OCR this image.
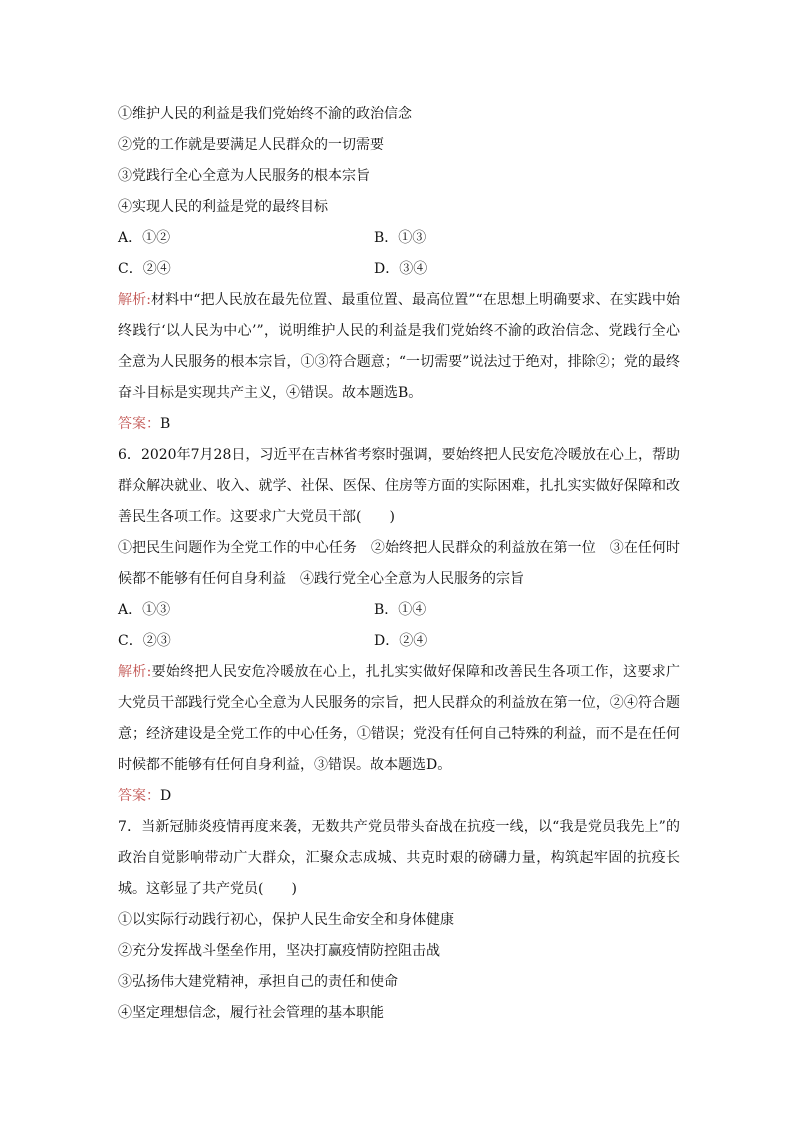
①维护人民的利益是我们党始终不渝的政治信念
②党的工作就是要满足人民群众的一切需要
③党践行全心全意为人民服务的根本宗旨
④实现人民的利益是党的最终目标
A．①②	B．①③
C．②④	D．③④
解析:材料中“把人民放在最先位置、最重位置、最高位置”“在思想上明确要求、在实践中始终践行‘以人民为中心’”，说明维护人民的利益是我们党始终不渝的政治信念、党践行全心全意为人民服务的根本宗旨，①③符合题意；“一切需要”说法过于绝对，排除②；党的最终奋斗目标是实现共产主义，④错误。故本题选B。
答案：B
6．2020年7月28日，习近平在吉林省考察时强调，要始终把人民安危冷暖放在心上，帮助群众解决就业、收入、就学、社保、医保、住房等方面的实际困难，扎扎实实做好保障和改善民生各项工作。这要求广大党员干部(　　)
①把民生问题作为全党工作的中心任务　②始终把人民群众的利益放在第一位　③在任何时候都不能够有任何自身利益　④践行党全心全意为人民服务的宗旨
A．①③	B．①④
C．②③	D．②④
解析:要始终把人民安危冷暖放在心上，扎扎实实做好保障和改善民生各项工作，这要求广大党员干部践行党全心全意为人民服务的宗旨，把人民群众的利益放在第一位，②④符合题意；经济建设是全党工作的中心任务，①错误；党没有任何自己特殊的利益，而不是在任何时候都不能够有任何自身利益，③错误。故本题选D。
答案：D
7．当新冠肺炎疫情再度来袭，无数共产党员带头奋战在抗疫一线，以“我是党员我先上”的政治自觉影响带动广大群众，汇聚众志成城、共克时艰的磅礴力量，构筑起牢固的抗疫长城。这彰显了共产党员(　　)
①以实际行动践行初心，保护人民生命安全和身体健康
②充分发挥战斗堡垒作用，坚决打赢疫情防控阻击战
③弘扬伟大建党精神，承担自己的责任和使命
④坚定理想信念，履行社会管理的基本职能
